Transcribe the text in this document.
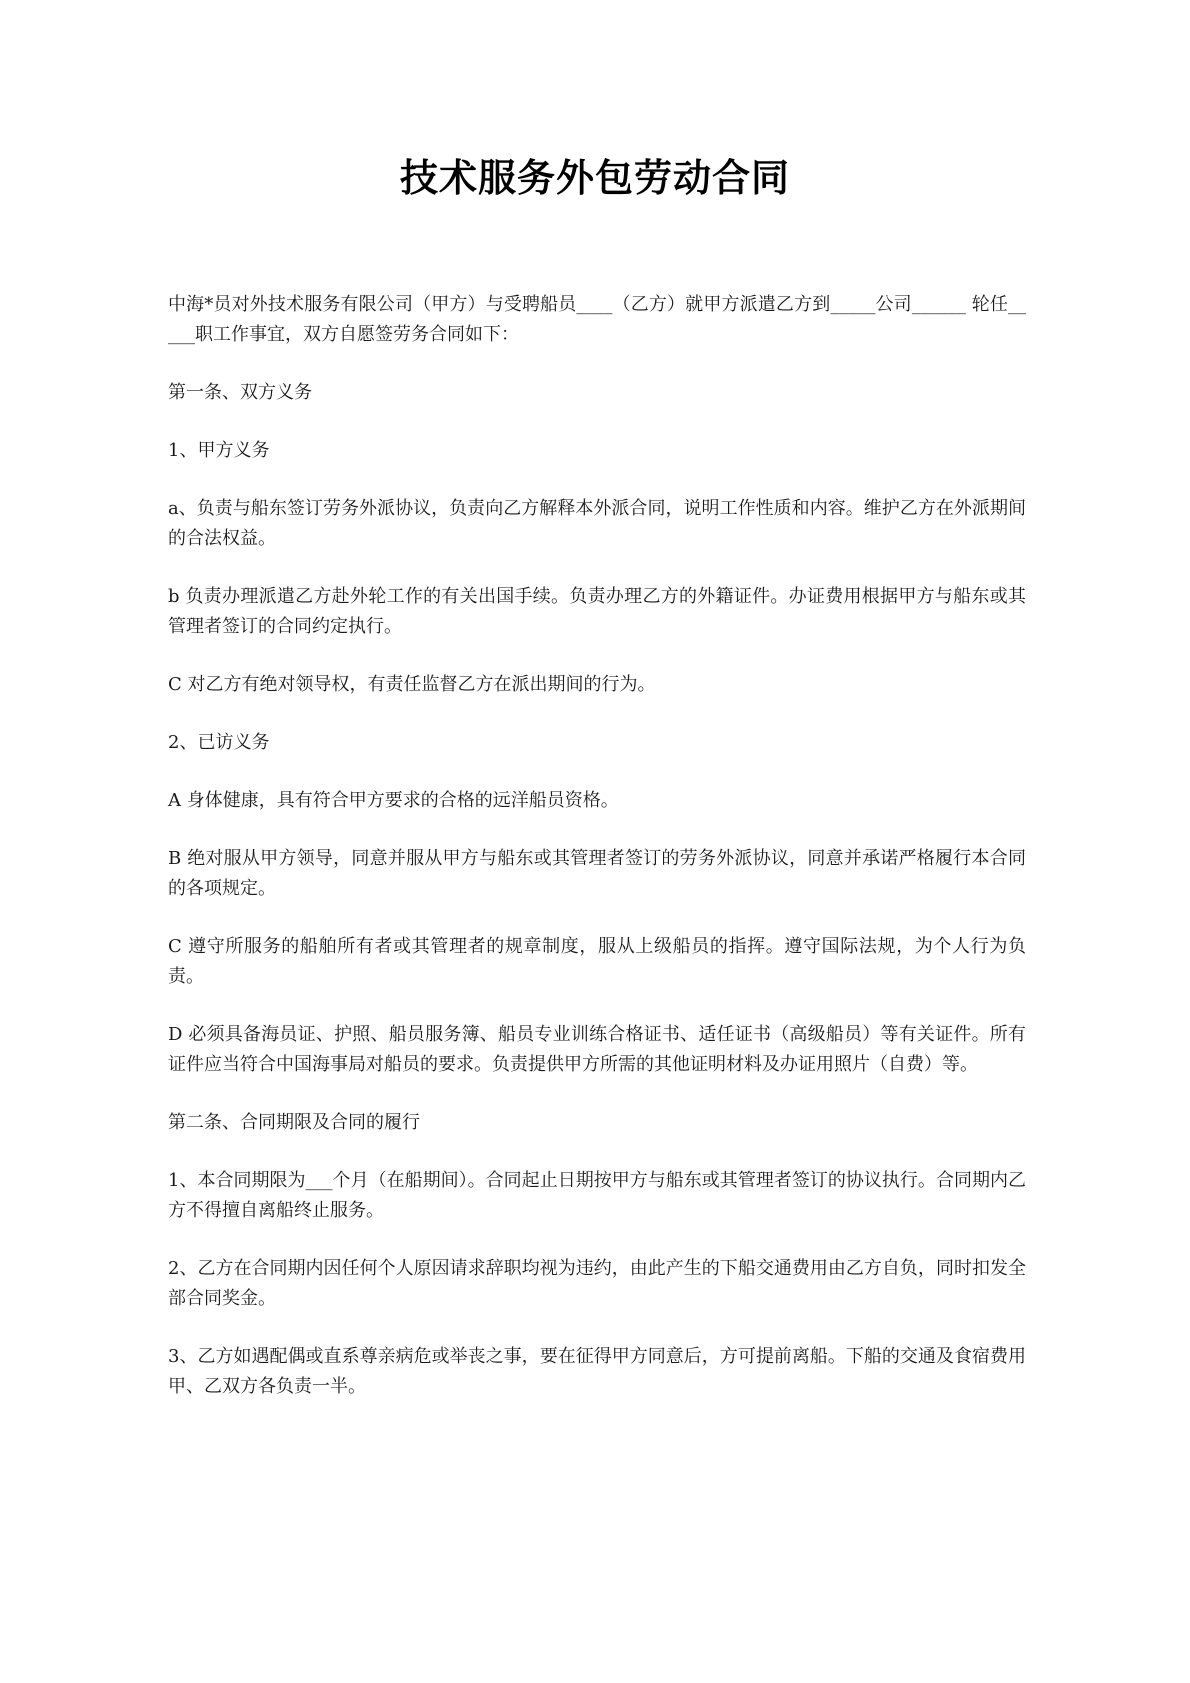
技术服务外包劳动合同

中海*员对外技术服务有限公司（甲方）与受聘船员____（乙方）就甲方派遣乙方到_____公司______ 轮任_____职工作事宜，双方自愿签劳务合同如下：

第一条、双方义务

1、甲方义务

a、负责与船东签订劳务外派协议，负责向乙方解释本外派合同，说明工作性质和内容。维护乙方在外派期间的合法权益。

b 负责办理派遣乙方赴外轮工作的有关出国手续。负责办理乙方的外籍证件。办证费用根据甲方与船东或其管理者签订的合同约定执行。

C 对乙方有绝对领导权，有责任监督乙方在派出期间的行为。

2、已访义务

A 身体健康，具有符合甲方要求的合格的远洋船员资格。

B 绝对服从甲方领导，同意并服从甲方与船东或其管理者签订的劳务外派协议，同意并承诺严格履行本合同的各项规定。

C 遵守所服务的船舶所有者或其管理者的规章制度，服从上级船员的指挥。遵守国际法规，为个人行为负责。

D 必须具备海员证、护照、船员服务簿、船员专业训练合格证书、适任证书（高级船员）等有关证件。所有证件应当符合中国海事局对船员的要求。负责提供甲方所需的其他证明材料及办证用照片（自费）等。

第二条、合同期限及合同的履行

1、本合同期限为___个月（在船期间）。合同起止日期按甲方与船东或其管理者签订的协议执行。合同期内乙方不得擅自离船终止服务。

2、乙方在合同期内因任何个人原因请求辞职均视为违约，由此产生的下船交通费用由乙方自负，同时扣发全部合同奖金。

3、乙方如遇配偶或直系尊亲病危或举丧之事，要在征得甲方同意后，方可提前离船。下船的交通及食宿费用甲、乙双方各负责一半。
